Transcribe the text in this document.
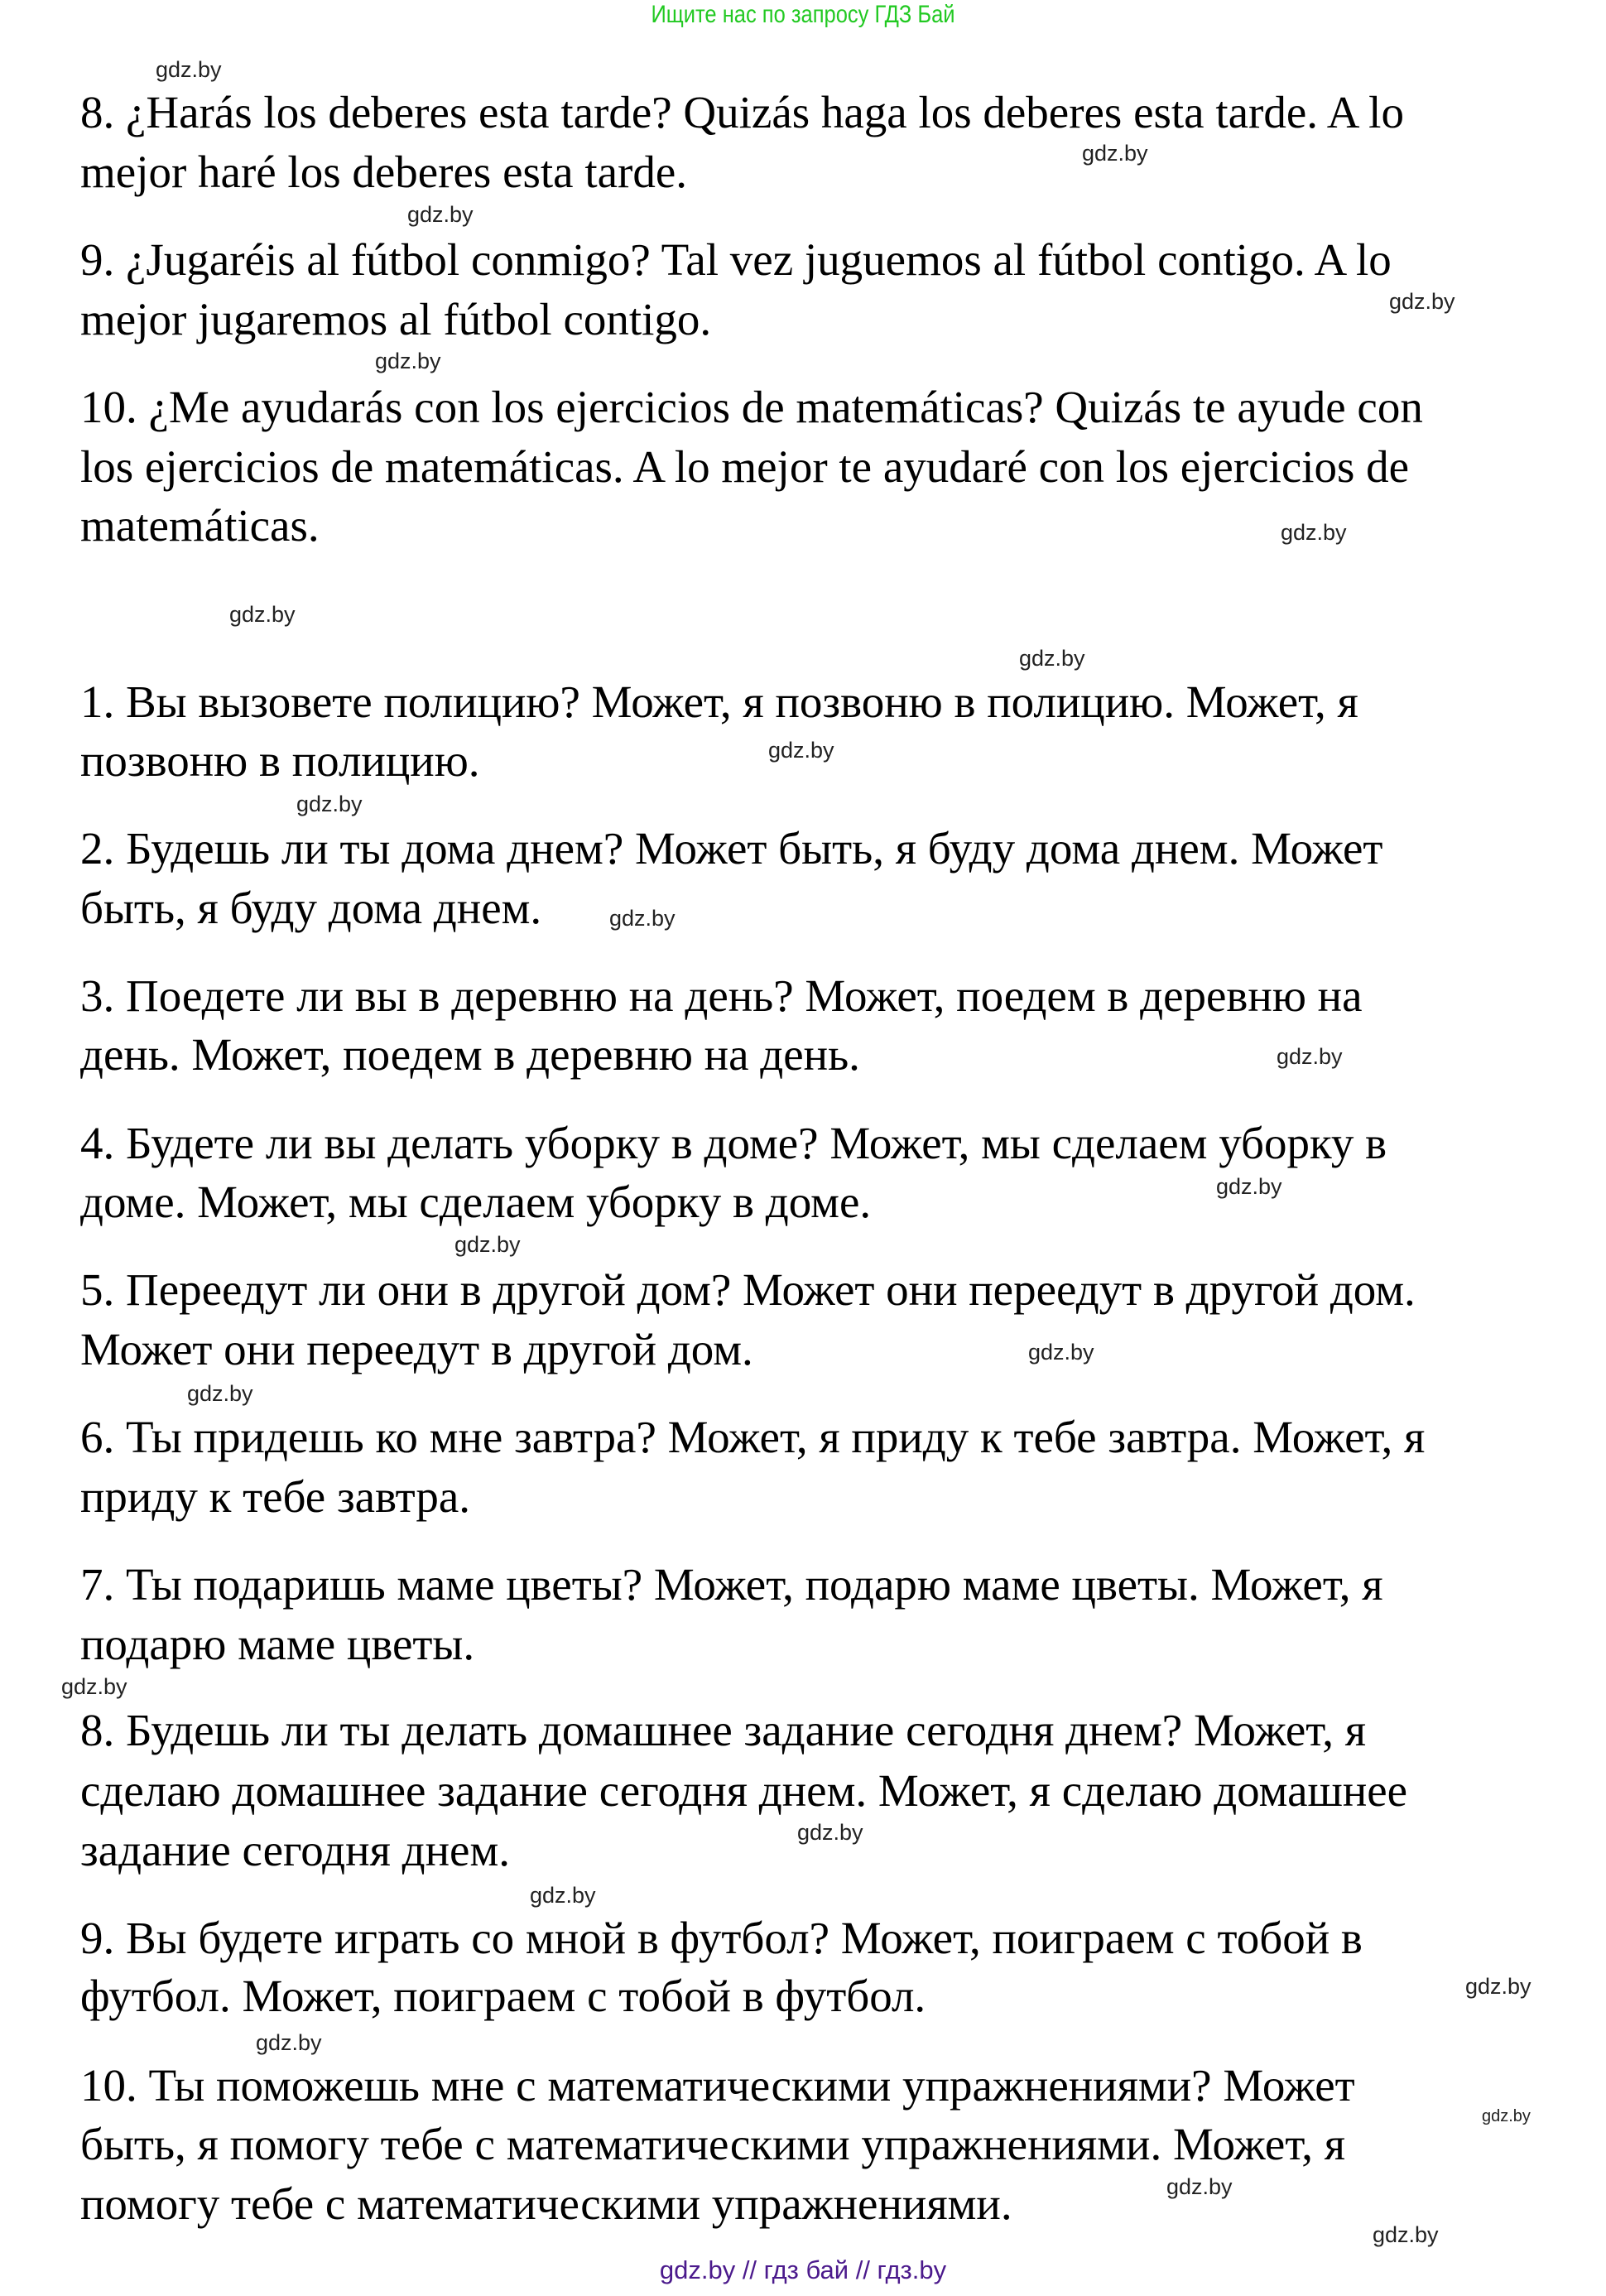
Ищите нас по запросу ГДЗ Бай
8. ¿Harás los deberes esta tarde? Quizás haga los deberes esta tarde. A lo
mejor haré los deberes esta tarde.
9. ¿Jugaréis al fútbol conmigo? Tal vez juguemos al fútbol contigo. A lo
mejor jugaremos al fútbol contigo.
10. ¿Me ayudarás con los ejercicios de matemáticas? Quizás te ayude con
los ejercicios de matemáticas. A lo mejor te ayudaré con los ejercicios de
matemáticas.
1. Вы вызовете полицию? Может, я позвоню в полицию. Может, я
позвоню в полицию.
2. Будешь ли ты дома днем? Может быть, я буду дома днем. Может
быть, я буду дома днем.
3. Поедете ли вы в деревню на день? Может, поедем в деревню на
день. Может, поедем в деревню на день.
4. Будете ли вы делать уборку в доме? Может, мы сделаем уборку в
доме. Может, мы сделаем уборку в доме.
5. Переедут ли они в другой дом? Может они переедут в другой дом.
Может они переедут в другой дом.
6. Ты придешь ко мне завтра? Может, я приду к тебе завтра. Может, я
приду к тебе завтра.
7. Ты подаришь маме цветы? Может, подарю маме цветы. Может, я
подарю маме цветы.
8. Будешь ли ты делать домашнее задание сегодня днем? Может, я
сделаю домашнее задание сегодня днем. Может, я сделаю домашнее
задание сегодня днем.
9. Вы будете играть со мной в футбол? Может, поиграем с тобой в
футбол. Может, поиграем с тобой в футбол.
10. Ты поможешь мне с математическими упражнениями? Может
быть, я помогу тебе с математическими упражнениями. Может, я
помогу тебе с математическими упражнениями.
gdz.by
gdz.by
gdz.by
gdz.by
gdz.by
gdz.by
gdz.by
gdz.by
gdz.by
gdz.by
gdz.by
gdz.by
gdz.by
gdz.by
gdz.by
gdz.by
gdz.by
gdz.by
gdz.by
gdz.by
gdz.by
gdz.by
gdz.by
gdz.by
gdz.by // гдз бай // гдз.by
